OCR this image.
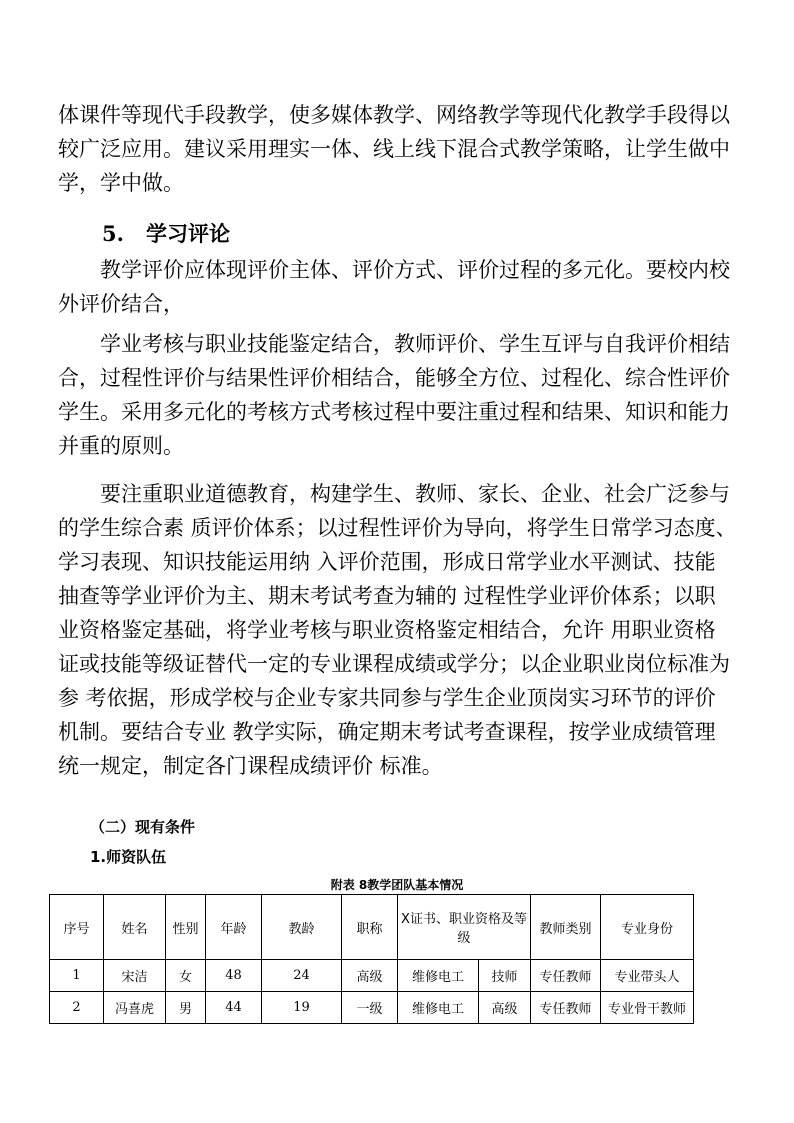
体课件等现代手段教学，使多媒体教学、网络教学等现代化教学手段得以
较广泛应用。建议采用理实一体、线上线下混合式教学策略，让学生做中
学，学中做。

5. 学习评论

　　教学评价应体现评价主体、评价方式、评价过程的多元化。要校内校
外评价结合，

　　学业考核与职业技能鉴定结合，教师评价、学生互评与自我评价相结
合，过程性评价与结果性评价相结合，能够全方位、过程化、综合性评价
学生。采用多元化的考核方式考核过程中要注重过程和结果、知识和能力
并重的原则。

　　要注重职业道德教育，构建学生、教师、家长、企业、社会广泛参与
的学生综合素 质评价体系；以过程性评价为导向，将学生日常学习态度、
学习表现、知识技能运用纳 入评价范围，形成日常学业水平测试、技能
抽查等学业评价为主、期末考试考查为辅的 过程性学业评价体系；以职
业资格鉴定基础，将学业考核与职业资格鉴定相结合，允许 用职业资格
证或技能等级证替代一定的专业课程成绩或学分；以企业职业岗位标准为
参 考依据，形成学校与企业专家共同参与学生企业顶岗实习环节的评价
机制。要结合专业 教学实际，确定期末考试考查课程，按学业成绩管理
统一规定，制定各门课程成绩评价 标准。

（二）现有条件
1.师资队伍
附表 8教学团队基本情况
序号	姓名	性别	年龄	教龄	职称	X证书、职业资格及等级		教师类别	专业身份
1	宋洁	女	48	24	高级	维修电工	技师	专任教师	专业带头人
2	冯喜虎	男	44	19	一级	维修电工	高级	专任教师	专业骨干教师
